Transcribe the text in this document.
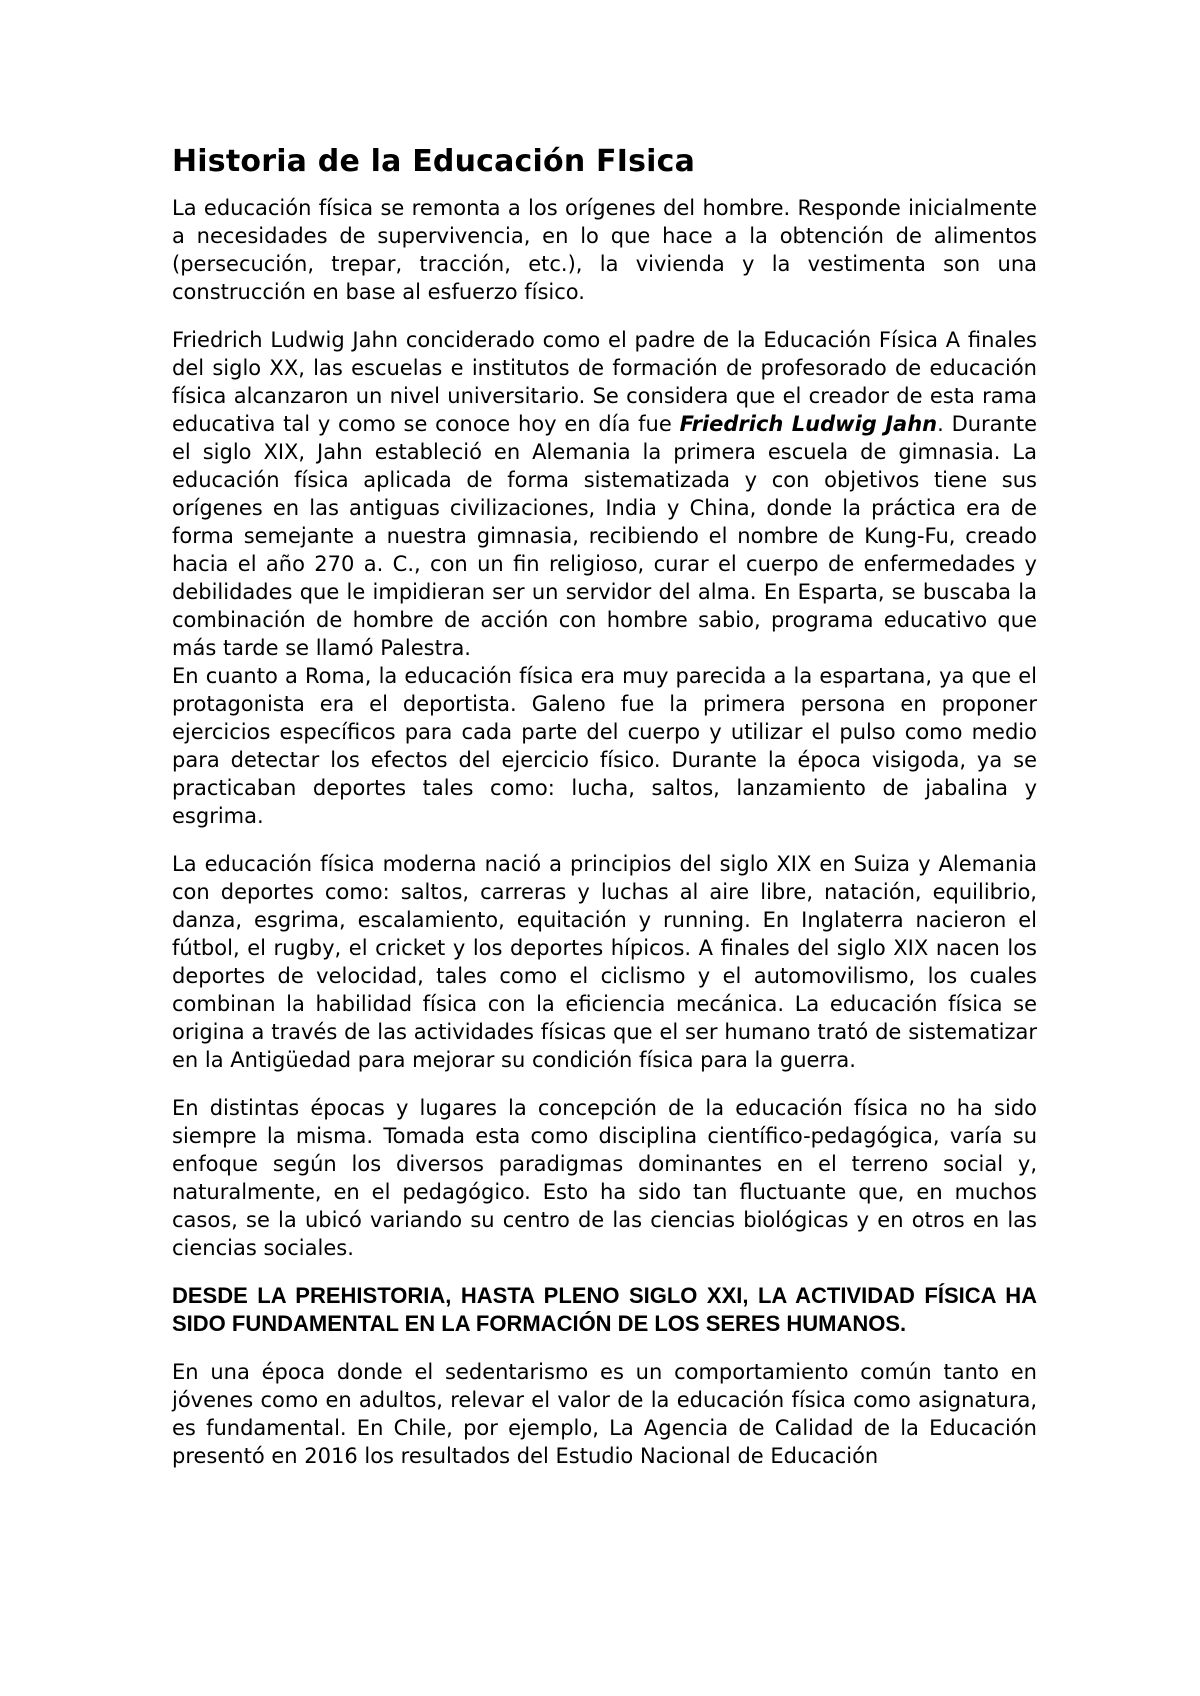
Historia de la Educación FIsica

La educación física se remonta a los orígenes del hombre. Responde inicialmente a necesidades de supervivencia, en lo que hace a la obtención de alimentos (persecución, trepar, tracción, etc.), la vivienda y la vestimenta son una construcción en base al esfuerzo físico.

Friedrich Ludwig Jahn conciderado como el padre de la Educación Física A finales del siglo XX, las escuelas e institutos de formación de profesorado de educación física alcanzaron un nivel universitario. Se considera que el creador de esta rama educativa tal y como se conoce hoy en día fue Friedrich Ludwig Jahn. Durante el siglo XIX, Jahn estableció en Alemania la primera escuela de gimnasia. La educación física aplicada de forma sistematizada y con objetivos tiene sus orígenes en las antiguas civilizaciones, India y China, donde la práctica era de forma semejante a nuestra gimnasia, recibiendo el nombre de Kung-Fu, creado hacia el año 270 a. C., con un fin religioso, curar el cuerpo de enfermedades y debilidades que le impidieran ser un servidor del alma. En Esparta, se buscaba la combinación de hombre de acción con hombre sabio, programa educativo que más tarde se llamó Palestra.

En cuanto a Roma, la educación física era muy parecida a la espartana, ya que el protagonista era el deportista. Galeno fue la primera persona en proponer ejercicios específicos para cada parte del cuerpo y utilizar el pulso como medio para detectar los efectos del ejercicio físico. Durante la época visigoda, ya se practicaban deportes tales como: lucha, saltos, lanzamiento de jabalina y esgrima.

La educación física moderna nació a principios del siglo XIX en Suiza y Alemania con deportes como: saltos, carreras y luchas al aire libre, natación, equilibrio, danza, esgrima, escalamiento, equitación y running. En Inglaterra nacieron el fútbol, el rugby, el cricket y los deportes hípicos. A finales del siglo XIX nacen los deportes de velocidad, tales como el ciclismo y el automovilismo, los cuales combinan la habilidad física con la eficiencia mecánica. La educación física se origina a través de las actividades físicas que el ser humano trató de sistematizar en la Antigüedad para mejorar su condición física para la guerra.

En distintas épocas y lugares la concepción de la educación física no ha sido siempre la misma. Tomada esta como disciplina científico-pedagógica, varía su enfoque según los diversos paradigmas dominantes en el terreno social y, naturalmente, en el pedagógico. Esto ha sido tan fluctuante que, en muchos casos, se la ubicó variando su centro de las ciencias biológicas y en otros en las ciencias sociales.

DESDE LA PREHISTORIA, HASTA PLENO SIGLO XXI, LA ACTIVIDAD FÍSICA HA SIDO FUNDAMENTAL EN LA FORMACIÓN DE LOS SERES HUMANOS.

En una época donde el sedentarismo es un comportamiento común tanto en jóvenes como en adultos, relevar el valor de la educación física como asignatura, es fundamental. En Chile, por ejemplo, La Agencia de Calidad de la Educación presentó en 2016 los resultados del Estudio Nacional de Educación
